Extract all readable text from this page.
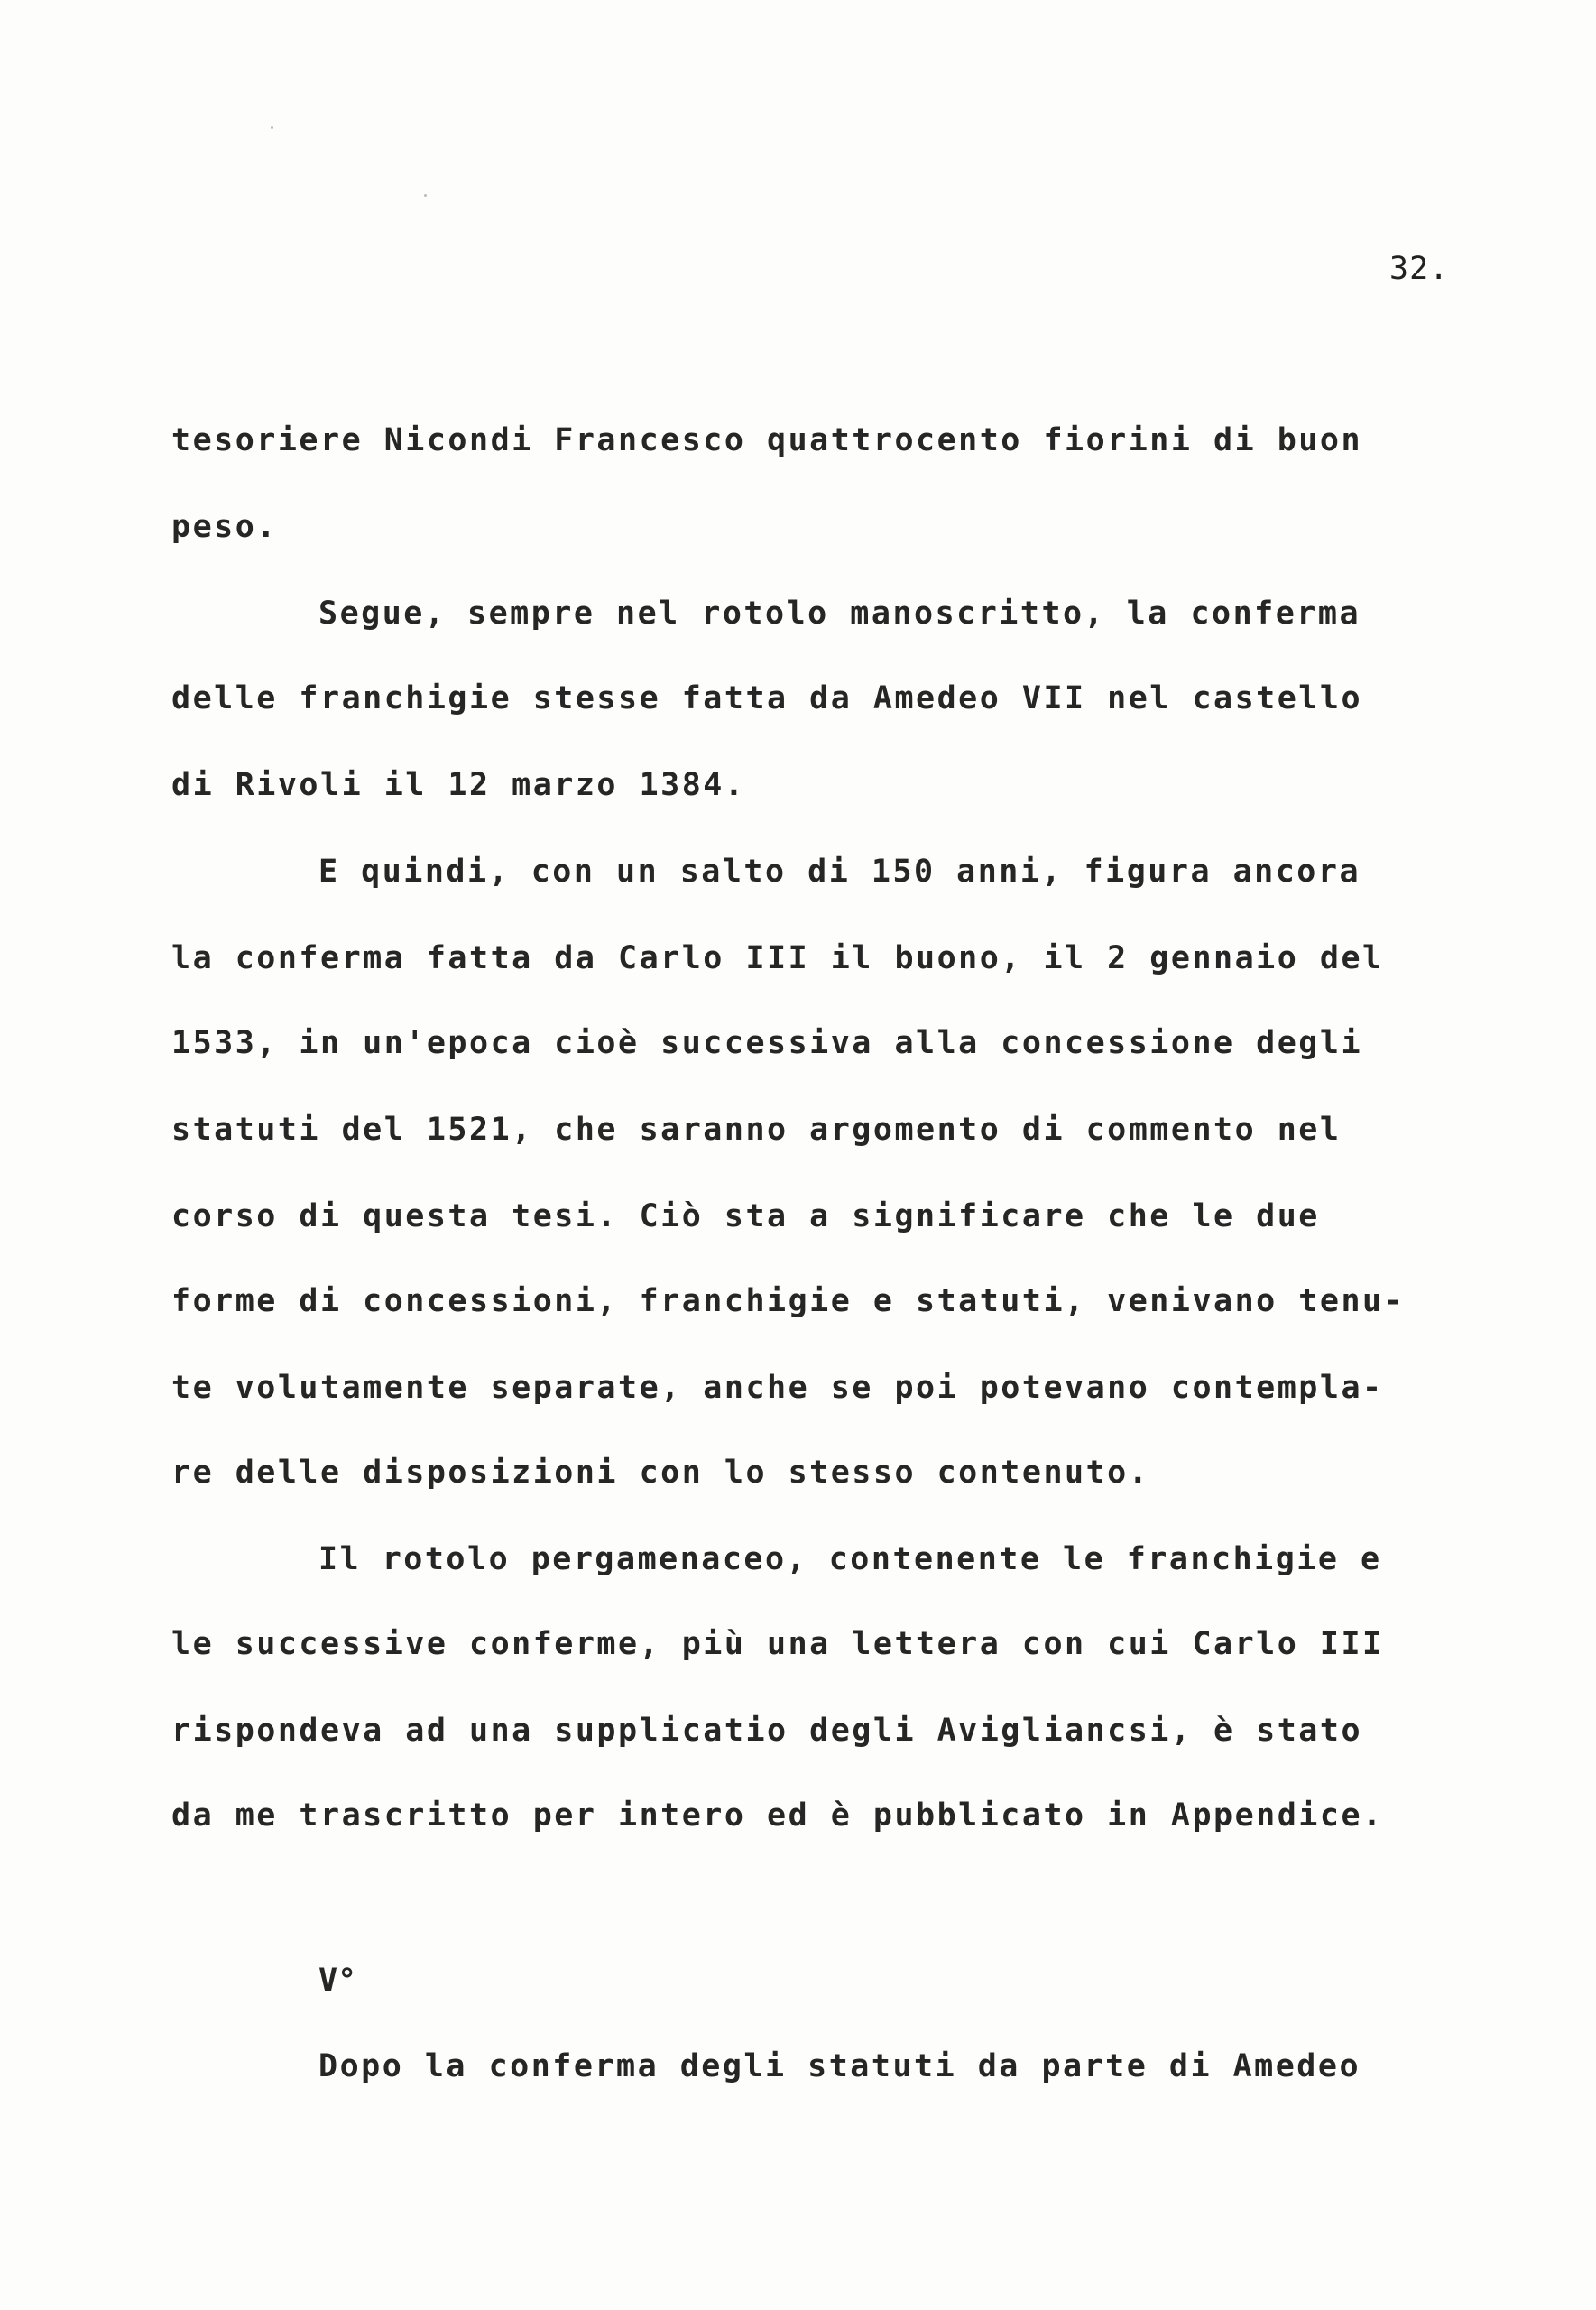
32.
tesoriere Nicondi Francesco quattrocento fiorini di buon
peso.
Segue, sempre nel rotolo manoscritto, la conferma
delle franchigie stesse fatta da Amedeo VII nel castello
di Rivoli il 12 marzo 1384.
E quindi, con un salto di 150 anni, figura ancora
la conferma fatta da Carlo III il buono, il 2 gennaio del
1533, in un'epoca cioè successiva alla concessione degli
statuti del 1521, che saranno argomento di commento nel
corso di questa tesi. Ciò sta a significare che le due
forme di concessioni, franchigie e statuti, venivano tenu-
te volutamente separate, anche se poi potevano contempla-
re delle disposizioni con lo stesso contenuto.
Il rotolo pergamenaceo, contenente le franchigie e
le successive conferme, più una lettera con cui Carlo III
rispondeva ad una supplicatio degli Avigliancsi, è stato
da me trascritto per intero ed è pubblicato in Appendice.
V°
Dopo la conferma degli statuti da parte di Amedeo
